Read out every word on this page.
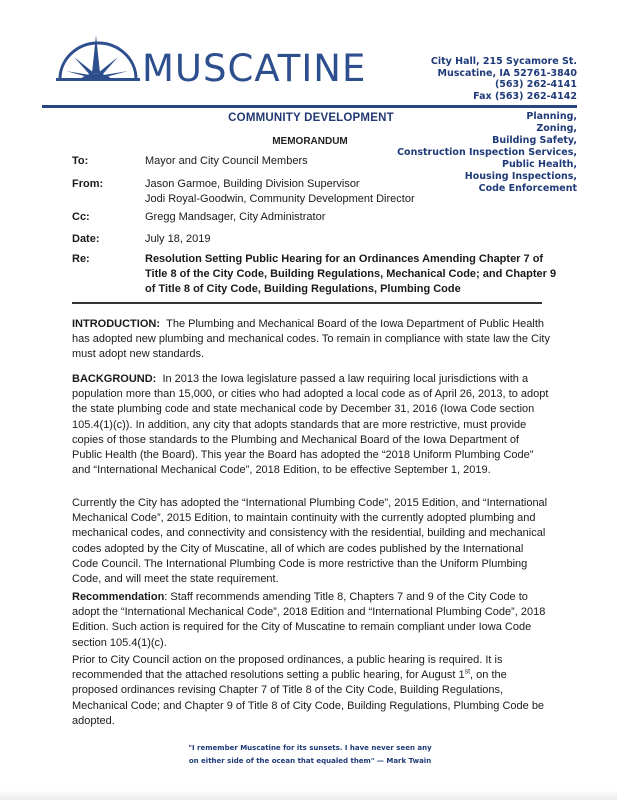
MUSCATINE	City Hall, 215 Sycamore St.
Muscatine, IA 52761-3840
(563) 262-4141
Fax (563) 262-4142
COMMUNITY DEVELOPMENT	Planning,
Zoning,
Building Safety,
Construction Inspection Services,
Public Health,
Housing Inspections,
Code Enforcement
MEMORANDUM
To:	Mayor and City Council Members
From:	Jason Garmoe, Building Division Supervisor
Jodi Royal-Goodwin, Community Development Director
Cc:	Gregg Mandsager, City Administrator
Date:	July 18, 2019
Re:	Resolution Setting Public Hearing for an Ordinances Amending Chapter 7 of Title 8 of the City Code, Building Regulations, Mechanical Code; and Chapter 9 of Title 8 of City Code, Building Regulations, Plumbing Code
INTRODUCTION: The Plumbing and Mechanical Board of the Iowa Department of Public Health has adopted new plumbing and mechanical codes. To remain in compliance with state law the City must adopt new standards.
BACKGROUND: In 2013 the Iowa legislature passed a law requiring local jurisdictions with a population more than 15,000, or cities who had adopted a local code as of April 26, 2013, to adopt the state plumbing code and state mechanical code by December 31, 2016 (Iowa Code section 105.4(1)(c)). In addition, any city that adopts standards that are more restrictive, must provide copies of those standards to the Plumbing and Mechanical Board of the Iowa Department of Public Health (the Board). This year the Board has adopted the “2018 Uniform Plumbing Code” and “International Mechanical Code”, 2018 Edition, to be effective September 1, 2019.
Currently the City has adopted the “International Plumbing Code”, 2015 Edition, and “International Mechanical Code”, 2015 Edition, to maintain continuity with the currently adopted plumbing and mechanical codes, and connectivity and consistency with the residential, building and mechanical codes adopted by the City of Muscatine, all of which are codes published by the International Code Council. The International Plumbing Code is more restrictive than the Uniform Plumbing Code, and will meet the state requirement.
Recommendation: Staff recommends amending Title 8, Chapters 7 and 9 of the City Code to adopt the “International Mechanical Code”, 2018 Edition and “International Plumbing Code”, 2018 Edition. Such action is required for the City of Muscatine to remain compliant under Iowa Code section 105.4(1)(c).
Prior to City Council action on the proposed ordinances, a public hearing is required. It is recommended that the attached resolutions setting a public hearing, for August 1st, on the proposed ordinances revising Chapter 7 of Title 8 of the City Code, Building Regulations, Mechanical Code; and Chapter 9 of Title 8 of City Code, Building Regulations, Plumbing Code be adopted.
"I remember Muscatine for its sunsets. I have never seen any
on either side of the ocean that equaled them" — Mark Twain
